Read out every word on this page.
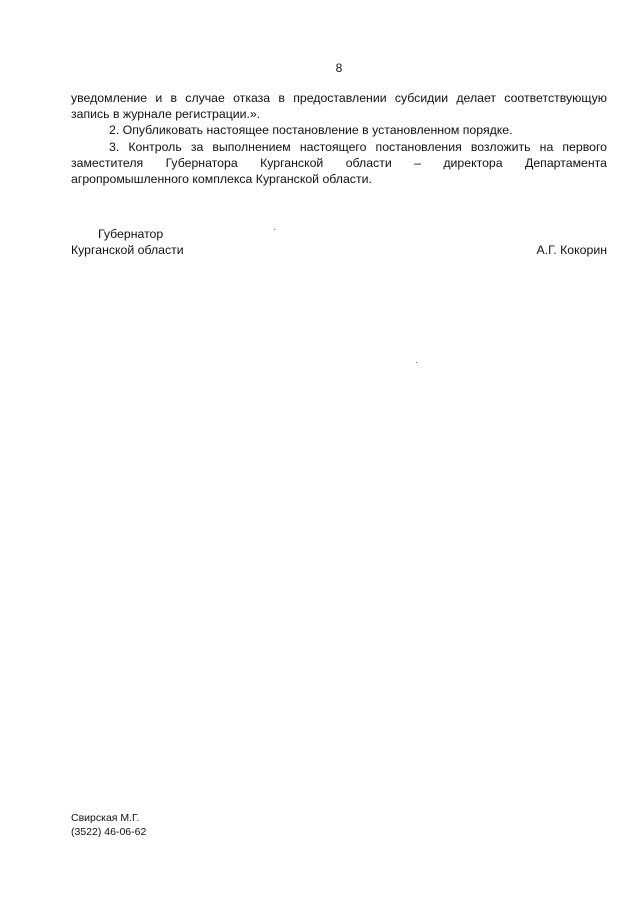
8
уведомление и в случае отказа в предоставлении субсидии делает соответствующую
запись в журнале регистрации.».
2. Опубликовать настоящее постановление в установленном порядке.
3. Контроль за выполнением настоящего постановления возложить на первого
заместителя Губернатора Курганской области – директора Департамента
агропромышленного комплекса Курганской области.
Губернатор
Курганской области	А.Г. Кокорин
Свирская М.Г.
(3522) 46-06-62
